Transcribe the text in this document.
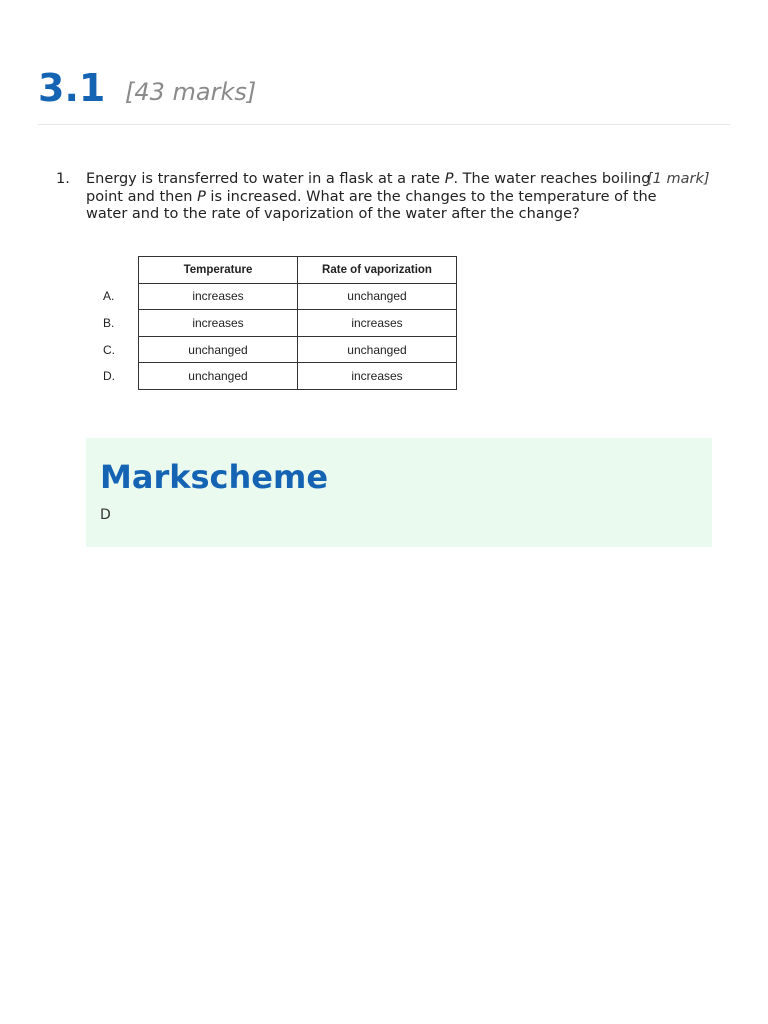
3.1 [43 marks]
1. Energy is transferred to water in a flask at a rate P. The water reaches boiling point and then P is increased. What are the changes to the temperature of the water and to the rate of vaporization of the water after the change?
[1 mark]
	Temperature	Rate of vaporization
A.	increases	unchanged
B.	increases	increases
C.	unchanged	unchanged
D.	unchanged	increases
Markscheme
D
